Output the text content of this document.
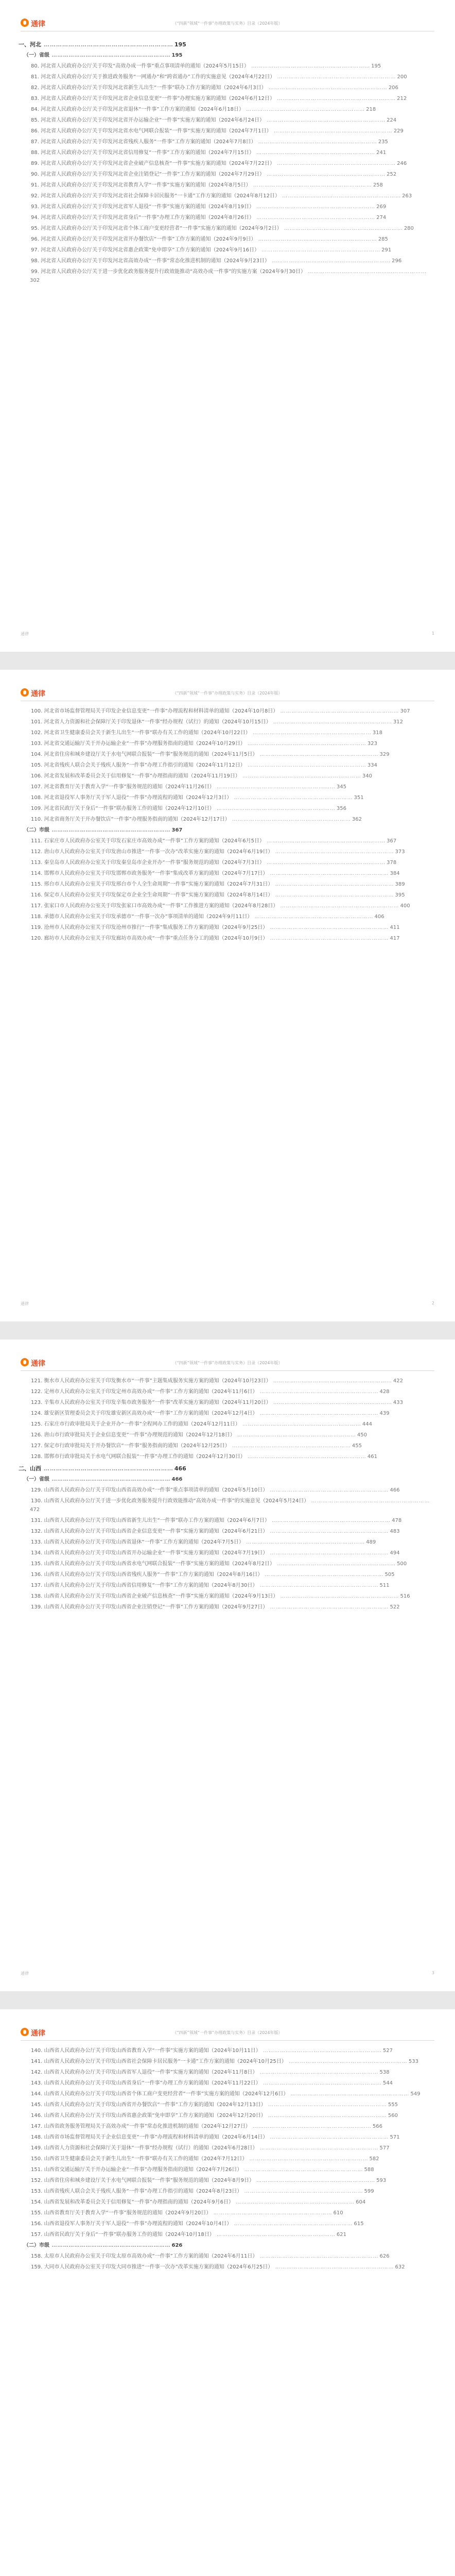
通律	《“四新”领域“一件事”办理政策与实务》目录（2024年版）
一、河北 ……………………………………………………… 195
（一）省级 ……………………………………………………… 195
80. 河北省人民政府办公厅关于印发“高效办成一件事”重点事项清单的通知（2024年5月15日） ……………………………………………………… 195
81. 河北省人民政府办公厅关于推进政务服务“一网通办”和“跨省通办”工作的实施意见（2024年4月22日） ……………………………………………………… 200
82. 河北省人民政府办公厅关于印发河北省新生儿出生“一件事”联办工作方案的通知（2024年6月3日） ……………………………………………………… 206
83. 河北省人民政府办公厅关于印发河北省企业信息变更“一件事”办理实施方案的通知（2024年6月12日） ……………………………………………………… 212
84. 河北省人民政府办公厅关于印发河北省退休“一件事”工作方案的通知（2024年6月18日） ……………………………………………………… 218
85. 河北省人民政府办公厅关于印发河北省开办运输企业“一件事”实施方案的通知（2024年6月24日） ……………………………………………………… 224
86. 河北省人民政府办公厅关于印发河北省水电气网联合报装“一件事”实施方案的通知（2024年7月1日） ……………………………………………………… 229
87. 河北省人民政府办公厅关于印发河北省残疾人服务“一件事”工作方案的通知（2024年7月8日） ……………………………………………………… 235
88. 河北省人民政府办公厅关于印发河北省信用修复“一件事”工作方案的通知（2024年7月15日） ……………………………………………………… 241
89. 河北省人民政府办公厅关于印发河北省企业破产信息核查“一件事”实施方案的通知（2024年7月22日） ……………………………………………………… 246
90. 河北省人民政府办公厅关于印发河北省企业注销登记“一件事”工作方案的通知（2024年7月29日） ……………………………………………………… 252
91. 河北省人民政府办公厅关于印发河北省教育入学“一件事”实施方案的通知（2024年8月5日） ……………………………………………………… 258
92. 河北省人民政府办公厅关于印发河北省社会保障卡居民服务“一卡通”工作方案的通知（2024年8月12日） ……………………………………………………… 263
93. 河北省人民政府办公厅关于印发河北省军人退役“一件事”实施方案的通知（2024年8月19日） ……………………………………………………… 269
94. 河北省人民政府办公厅关于印发河北省身后“一件事”办理工作方案的通知（2024年8月26日） ……………………………………………………… 274
95. 河北省人民政府办公厅关于印发河北省个体工商户变更经营者“一件事”实施方案的通知（2024年9月2日） ……………………………………………………… 280
96. 河北省人民政府办公厅关于印发河北省开办餐饮店“一件事”工作方案的通知（2024年9月9日） ……………………………………………………… 285
97. 河北省人民政府办公厅关于印发河北省惠企政策“免申即享”工作方案的通知（2024年9月16日） ……………………………………………………… 291
98. 河北省人民政府办公厅关于印发河北省高效办成“一件事”常态化推进机制的通知（2024年9月23日） ……………………………………………………… 296
99. 河北省人民政府办公厅关于进一步优化政务服务提升行政效能推动“高效办成一件事”的实施方案（2024年9月30日） ………………………………………………………302
通律	1
通律	《“四新”领域“一件事”办理政策与实务》目录（2024年版）
100. 河北省市场监督管理局关于印发企业信息变更“一件事”办理流程和材料清单的通知（2024年10月8日） ……………………………………………………… 307
101. 河北省人力资源和社会保障厅关于印发退休“一件事”经办规程（试行）的通知（2024年10月15日） ……………………………………………………… 312
102. 河北省卫生健康委员会关于新生儿出生“一件事”联办有关工作的通知（2024年10月22日） ……………………………………………………… 318
103. 河北省交通运输厅关于开办运输企业“一件事”办理服务指南的通知（2024年10月29日） ……………………………………………………… 323
104. 河北省住房和城乡建设厅关于水电气网联合报装“一件事”服务规范的通知（2024年11月5日） ……………………………………………………… 329
105. 河北省残疾人联合会关于残疾人服务“一件事”办理工作指引的通知（2024年11月12日） ……………………………………………………… 334
106. 河北省发展和改革委员会关于信用修复“一件事”办理指南的通知（2024年11月19日） ……………………………………………………… 340
107. 河北省教育厅关于教育入学“一件事”服务规范的通知（2024年11月26日） ……………………………………………………… 345
108. 河北省退役军人事务厅关于军人退役“一件事”办理流程的通知（2024年12月3日） ……………………………………………………… 351
109. 河北省民政厅关于身后“一件事”联办服务工作的通知（2024年12月10日） ……………………………………………………… 356
110. 河北省商务厅关于开办餐饮店“一件事”办理服务指南的通知（2024年12月17日） ……………………………………………………… 362
（二）市级 ……………………………………………………… 367
111. 石家庄市人民政府办公室关于印发石家庄市高效办成“一件事”工作方案的通知（2024年6月5日） ……………………………………………………… 367
112. 唐山市人民政府办公室关于印发唐山市推进“一件事一次办”改革实施方案的通知（2024年6月19日） ……………………………………………………… 373
113. 秦皇岛市人民政府办公室关于印发秦皇岛市企业开办“一件事”服务规范的通知（2024年7月3日） ……………………………………………………… 378
114. 邯郸市人民政府办公室关于印发邯郸市政务服务“一件事”集成改革方案的通知（2024年7月17日） ……………………………………………………… 384
115. 邢台市人民政府办公室关于印发邢台市个人全生命周期“一件事”实施方案的通知（2024年7月31日） ……………………………………………………… 389
116. 保定市人民政府办公室关于印发保定市企业全生命周期“一件事”实施方案的通知（2024年8月14日） ……………………………………………………… 395
117. 张家口市人民政府办公室关于印发张家口市高效办成“一件事”工作推进方案的通知（2024年8月28日） ……………………………………………………… 400
118. 承德市人民政府办公室关于印发承德市“一件事一次办”事项清单的通知（2024年9月11日） ……………………………………………………… 406
119. 沧州市人民政府办公室关于印发沧州市推行“一件事”集成服务工作方案的通知（2024年9月25日） ……………………………………………………… 411
120. 廊坊市人民政府办公室关于印发廊坊市高效办成“一件事”重点任务分工的通知（2024年10月9日） ……………………………………………………… 417
通律	2
通律	《“四新”领域“一件事”办理政策与实务》目录（2024年版）
121. 衡水市人民政府办公室关于印发衡水市“一件事”主题集成服务实施方案的通知（2024年10月23日） ……………………………………………………… 422
122. 定州市人民政府办公室关于印发定州市高效办成“一件事”工作方案的通知（2024年11月6日） ……………………………………………………… 428
123. 辛集市人民政府办公室关于印发辛集市政务服务“一件事”改革实施方案的通知（2024年11月20日） ……………………………………………………… 433
124. 雄安新区管理委员会关于印发雄安新区高效办成“一件事”工作方案的通知（2024年12月4日） ……………………………………………………… 439
125. 石家庄市行政审批局关于企业开办“一件事”全程网办工作的通知（2024年12月11日） ……………………………………………………… 444
126. 唐山市行政审批局关于企业信息变更“一件事”办理规范的通知（2024年12月18日） ……………………………………………………… 450
127. 保定市行政审批局关于开办餐饮店“一件事”服务指南的通知（2024年12月25日） ……………………………………………………… 455
128. 邯郸市行政审批局关于水电气网联合报装“一件事”办理工作的通知（2024年12月30日） ……………………………………………………… 461
二、山西 ……………………………………………………… 466
（一）省级 ……………………………………………………… 466
129. 山西省人民政府办公厅关于印发山西省高效办成“一件事”重点事项清单的通知（2024年5月10日） ……………………………………………………… 466
130. 山西省人民政府办公厅关于进一步优化政务服务提升行政效能推动“高效办成一件事”的实施意见（2024年5月24日） ………………………………………………………472
131. 山西省人民政府办公厅关于印发山西省新生儿出生“一件事”联办工作方案的通知（2024年6月7日） ……………………………………………………… 478
132. 山西省人民政府办公厅关于印发山西省企业信息变更“一件事”实施方案的通知（2024年6月21日） ……………………………………………………… 483
133. 山西省人民政府办公厅关于印发山西省退休“一件事”工作方案的通知（2024年7月5日） ……………………………………………………… 489
134. 山西省人民政府办公厅关于印发山西省开办运输企业“一件事”实施方案的通知（2024年7月19日） ……………………………………………………… 494
135. 山西省人民政府办公厅关于印发山西省水电气网联合报装“一件事”实施方案的通知（2024年8月2日） ……………………………………………………… 500
136. 山西省人民政府办公厅关于印发山西省残疾人服务“一件事”工作方案的通知（2024年8月16日） ……………………………………………………… 505
137. 山西省人民政府办公厅关于印发山西省信用修复“一件事”工作方案的通知（2024年8月30日） ……………………………………………………… 511
138. 山西省人民政府办公厅关于印发山西省企业破产信息核查“一件事”实施方案的通知（2024年9月13日） ……………………………………………………… 516
139. 山西省人民政府办公厅关于印发山西省企业注销登记“一件事”工作方案的通知（2024年9月27日） ……………………………………………………… 522
通律	3
通律	《“四新”领域“一件事”办理政策与实务》目录（2024年版）
140. 山西省人民政府办公厅关于印发山西省教育入学“一件事”实施方案的通知（2024年10月11日） ……………………………………………………… 527
141. 山西省人民政府办公厅关于印发山西省社会保障卡居民服务“一卡通”工作方案的通知（2024年10月25日） ……………………………………………………… 533
142. 山西省人民政府办公厅关于印发山西省军人退役“一件事”实施方案的通知（2024年11月8日） ……………………………………………………… 538
143. 山西省人民政府办公厅关于印发山西省身后“一件事”办理工作方案的通知（2024年11月22日） ……………………………………………………… 544
144. 山西省人民政府办公厅关于印发山西省个体工商户变更经营者“一件事”实施方案的通知（2024年12月6日） ……………………………………………………… 549
145. 山西省人民政府办公厅关于印发山西省开办餐饮店“一件事”工作方案的通知（2024年12月13日） ……………………………………………………… 555
146. 山西省人民政府办公厅关于印发山西省惠企政策“免申即享”工作方案的通知（2024年12月20日） ……………………………………………………… 560
147. 山西省政务服务管理局关于高效办成“一件事”常态化推进机制的通知（2024年12月27日） ……………………………………………………… 566
148. 山西省市场监督管理局关于企业信息变更“一件事”办理流程和材料清单的通知（2024年6月14日） ……………………………………………………… 571
149. 山西省人力资源和社会保障厅关于退休“一件事”经办规程（试行）的通知（2024年6月28日） ……………………………………………………… 577
150. 山西省卫生健康委员会关于新生儿出生“一件事”联办有关工作的通知（2024年7月12日） ……………………………………………………… 582
151. 山西省交通运输厅关于开办运输企业“一件事”办理服务指南的通知（2024年7月26日） ……………………………………………………… 588
152. 山西省住房和城乡建设厅关于水电气网联合报装“一件事”服务规范的通知（2024年8月9日） ……………………………………………………… 593
153. 山西省残疾人联合会关于残疾人服务“一件事”办理工作指引的通知（2024年8月23日） ……………………………………………………… 599
154. 山西省发展和改革委员会关于信用修复“一件事”办理指南的通知（2024年9月6日） ……………………………………………………… 604
155. 山西省教育厅关于教育入学“一件事”服务规范的通知（2024年9月20日） ……………………………………………………… 610
156. 山西省退役军人事务厅关于军人退役“一件事”办理流程的通知（2024年10月4日） ……………………………………………………… 615
157. 山西省民政厅关于身后“一件事”联办服务工作的通知（2024年10月18日） ……………………………………………………… 621
（二）市级 ……………………………………………………… 626
158. 太原市人民政府办公室关于印发太原市高效办成“一件事”工作方案的通知（2024年6月11日） ……………………………………………………… 626
159. 大同市人民政府办公室关于印发大同市推进“一件事一次办”改革实施方案的通知（2024年6月25日） ……………………………………………………… 632
